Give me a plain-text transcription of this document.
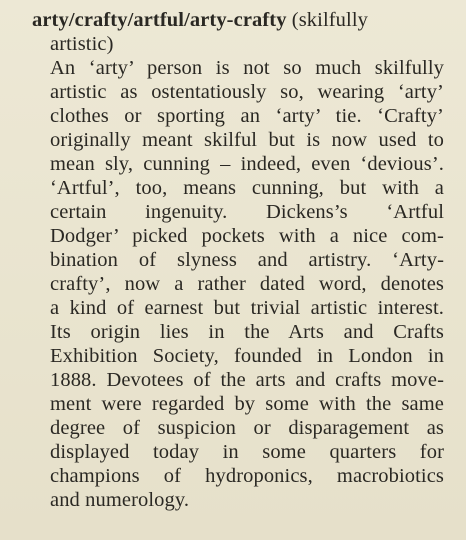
arty/crafty/artful/arty-crafty (skilfully
artistic)
An ‘arty’ person is not so much skilfully
artistic as ostentatiously so, wearing ‘arty’
clothes or sporting an ‘arty’ tie. ‘Crafty’
originally meant skilful but is now used to
mean sly, cunning – indeed, even ‘devious’.
‘Artful’, too, means cunning, but with a
certain ingenuity. Dickens’s ‘Artful
Dodger’ picked pockets with a nice com-
bination of slyness and artistry. ‘Arty-
crafty’, now a rather dated word, denotes
a kind of earnest but trivial artistic interest.
Its origin lies in the Arts and Crafts
Exhibition Society, founded in London in
1888. Devotees of the arts and crafts move-
ment were regarded by some with the same
degree of suspicion or disparagement as
displayed today in some quarters for
champions of hydroponics, macrobiotics
and numerology.
